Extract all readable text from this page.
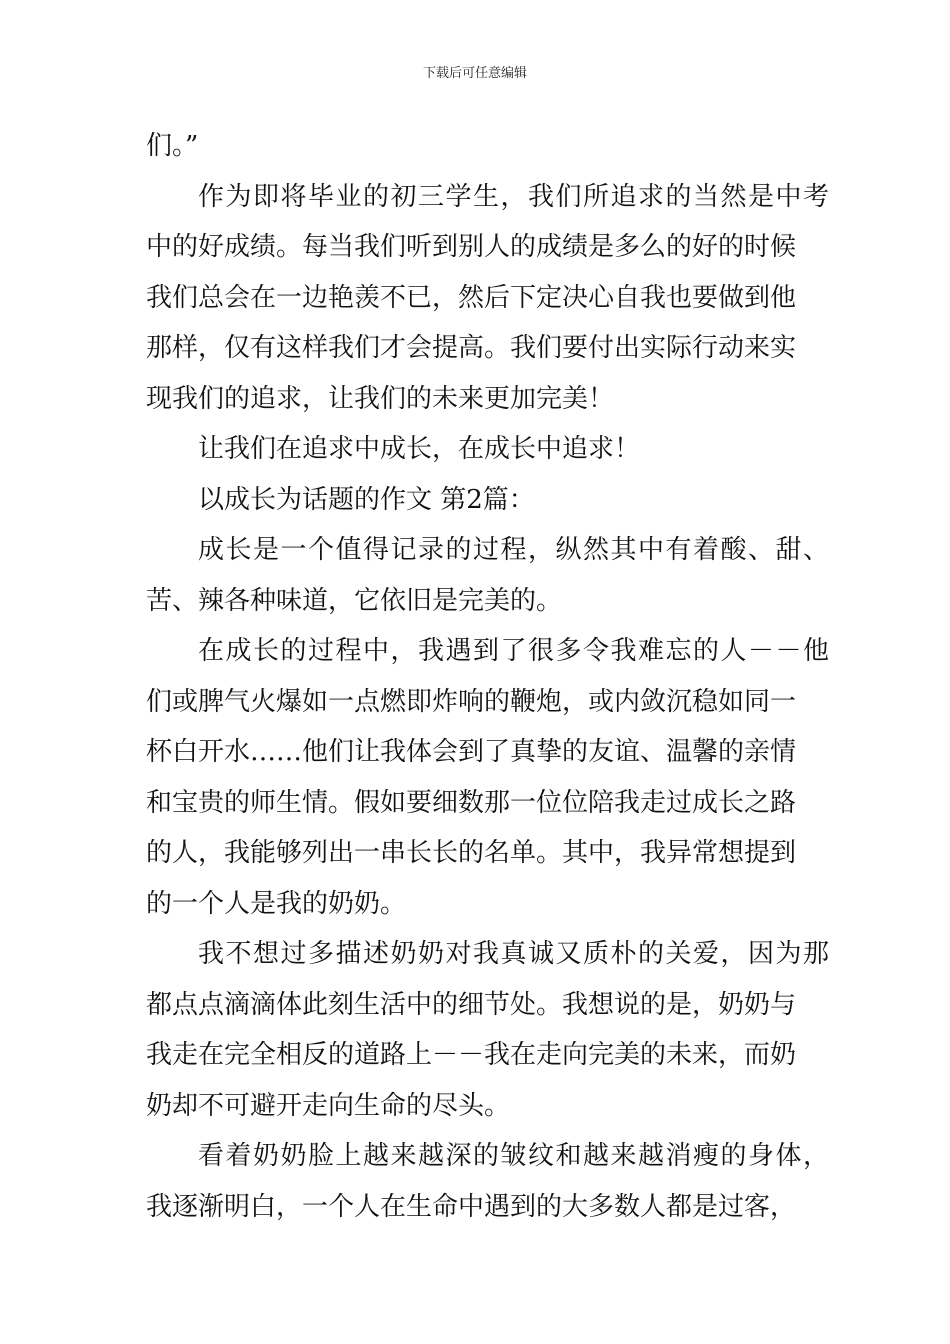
下载后可任意编辑
们。”
作为即将毕业的初三学生，我们所追求的当然是中考
中的好成绩。每当我们听到别人的成绩是多么的好的时候
我们总会在一边艳羡不已，然后下定决心自我也要做到他
那样，仅有这样我们才会提高。我们要付出实际行动来实
现我们的追求，让我们的未来更加完美！
让我们在追求中成长，在成长中追求！
以成长为话题的作文 第2篇：
成长是一个值得记录的过程，纵然其中有着酸、甜、
苦、辣各种味道，它依旧是完美的。
在成长的过程中，我遇到了很多令我难忘的人－－他
们或脾气火爆如一点燃即炸响的鞭炮，或内敛沉稳如同一
杯白开水……他们让我体会到了真挚的友谊、温馨的亲情
和宝贵的师生情。假如要细数那一位位陪我走过成长之路
的人，我能够列出一串长长的名单。其中，我异常想提到
的一个人是我的奶奶。
我不想过多描述奶奶对我真诚又质朴的关爱，因为那
都点点滴滴体此刻生活中的细节处。我想说的是，奶奶与
我走在完全相反的道路上－－我在走向完美的未来，而奶
奶却不可避开走向生命的尽头。
看着奶奶脸上越来越深的皱纹和越来越消瘦的身体，
我逐渐明白，一个人在生命中遇到的大多数人都是过客，
